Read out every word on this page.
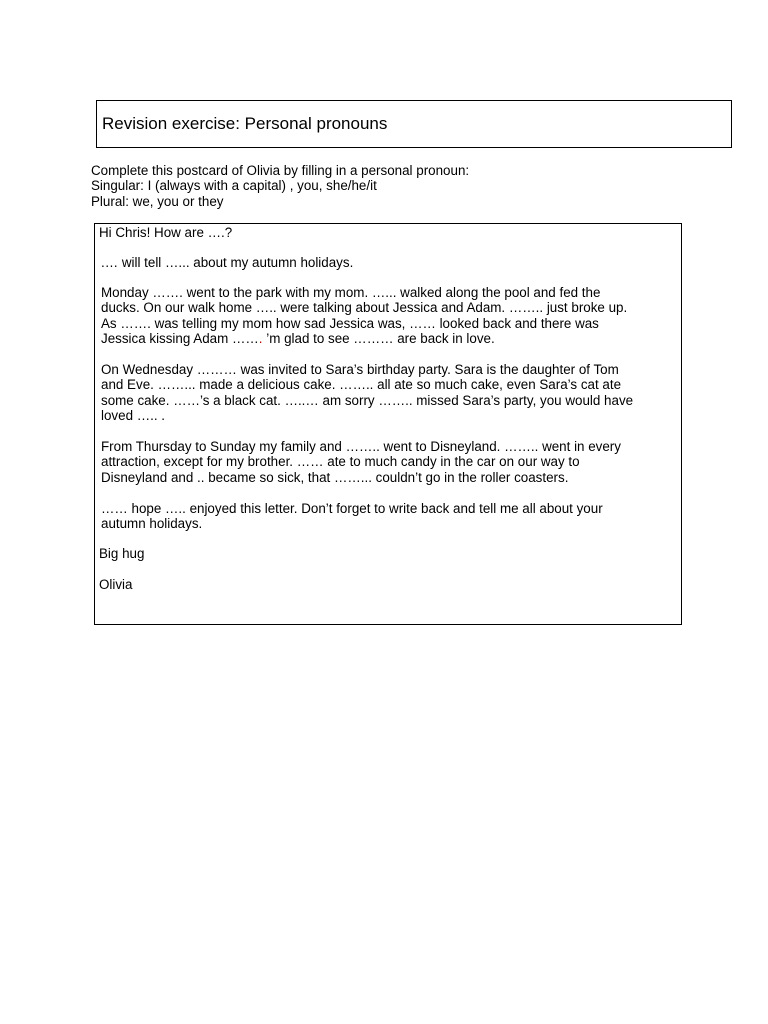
Revision exercise: Personal pronouns
Complete this postcard of Olivia by filling in a personal pronoun:
Singular: I (always with a capital) , you, she/he/it
Plural: we, you or they
Hi Chris! How are ….?
.… will tell …... about my autumn holidays.
Monday ……. went to the park with my mom. …... walked along the pool and fed the
ducks. On our walk home ….. were talking about Jessica and Adam. …….. just broke up.
As ……. was telling my mom how sad Jessica was, …… looked back and there was
Jessica kissing Adam ……. ’m glad to see ……… are back in love.
On Wednesday ……… was invited to Sara’s birthday party. Sara is the daughter of Tom
and Eve. ……... made a delicious cake. …….. all ate so much cake, even Sara’s cat ate
some cake. ……’s a black cat. …..… am sorry …….. missed Sara’s party, you would have
loved ….. .
From Thursday to Sunday my family and …….. went to Disneyland. …….. went in every
attraction, except for my brother. …… ate to much candy in the car on our way to
Disneyland and .. became so sick, that ……... couldn’t go in the roller coasters.
…… hope ….. enjoyed this letter. Don’t forget to write back and tell me all about your
autumn holidays.
Big hug
Olivia
